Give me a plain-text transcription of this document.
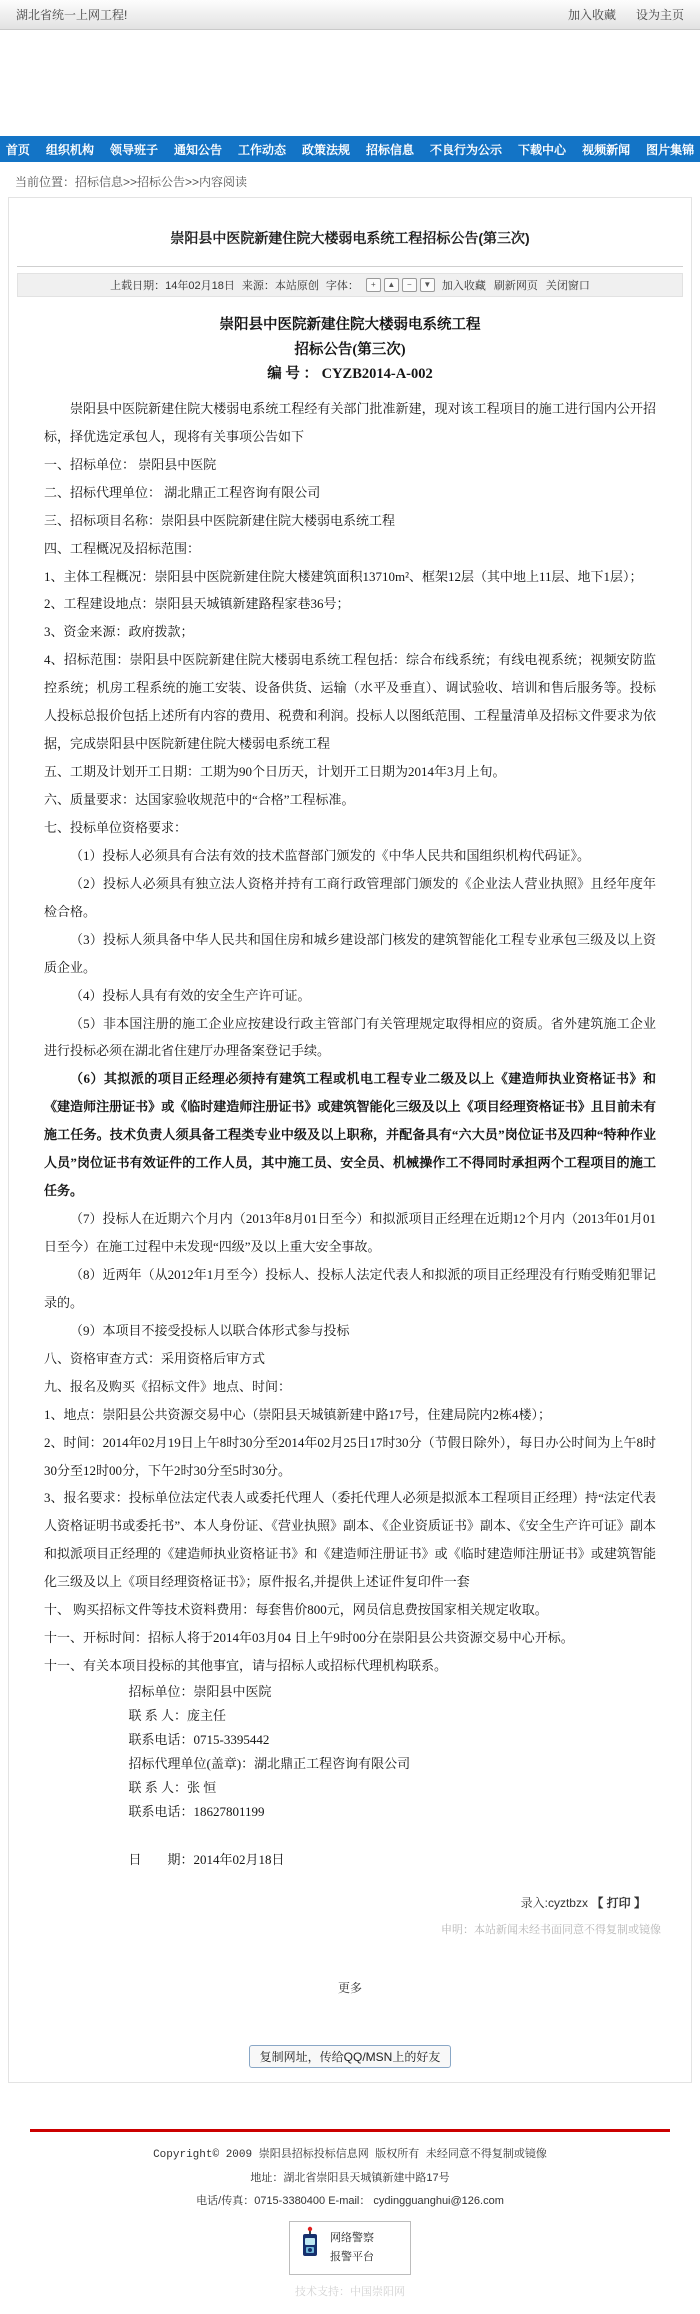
湖北省统一上网工程!	加入收藏 设为主页
首页	组织机构	领导班子	通知公告	工作动态	政策法规	招标信息	不良行为公示	下载中心	视频新闻	图片集锦
当前位置：招标信息>>招标公告>>内容阅读
崇阳县中医院新建住院大楼弱电系统工程招标公告(第三次)
上载日期：14年02月18日 来源：本站原创 字体：	+	▲	−	▼ 加入收藏 刷新网页 关闭窗口
崇阳县中医院新建住院大楼弱电系统工程
招标公告(第三次)
编 号 ： CYZB2014-A-002

崇阳县中医院新建住院大楼弱电系统工程经有关部门批准新建，现对该工程项目的施工进行国内公开招标，择优选定承包人，现将有关事项公告如下

一、招标单位： 崇阳县中医院

二、招标代理单位： 湖北鼎正工程咨询有限公司

三、招标项目名称：崇阳县中医院新建住院大楼弱电系统工程

四、工程概况及招标范围：

1、主体工程概况：崇阳县中医院新建住院大楼建筑面积13710m²、框架12层（其中地上11层、地下1层）；

2、工程建设地点：崇阳县天城镇新建路程家巷36号；

3、资金来源：政府拨款；

4、招标范围：崇阳县中医院新建住院大楼弱电系统工程包括：综合布线系统；有线电视系统；视频安防监控系统；机房工程系统的施工安装、设备供货、运输（水平及垂直）、调试验收、培训和售后服务等。投标人投标总报价包括上述所有内容的费用、税费和利润。投标人以图纸范围、工程量清单及招标文件要求为依据，完成崇阳县中医院新建住院大楼弱电系统工程

五、工期及计划开工日期：工期为90个日历天，计划开工日期为2014年3月上旬。

六、质量要求：达国家验收规范中的“合格”工程标准。

七、投标单位资格要求：

（1）投标人必须具有合法有效的技术监督部门颁发的《中华人民共和国组织机构代码证》。

（2）投标人必须具有独立法人资格并持有工商行政管理部门颁发的《企业法人营业执照》且经年度年检合格。

（3）投标人须具备中华人民共和国住房和城乡建设部门核发的建筑智能化工程专业承包三级及以上资质企业。

（4）投标人具有有效的安全生产许可证。

（5）非本国注册的施工企业应按建设行政主管部门有关管理规定取得相应的资质。省外建筑施工企业进行投标必须在湖北省住建厅办理备案登记手续。

（6）其拟派的项目正经理必须持有建筑工程或机电工程专业二级及以上《建造师执业资格证书》和《建造师注册证书》或《临时建造师注册证书》或建筑智能化三级及以上《项目经理资格证书》且目前未有施工任务。技术负责人须具备工程类专业中级及以上职称，并配备具有“六大员”岗位证书及四种“特种作业人员”岗位证书有效证件的工作人员，其中施工员、安全员、机械操作工不得同时承担两个工程项目的施工任务。

（7）投标人在近期六个月内（2013年8月01日至今）和拟派项目正经理在近期12个月内（2013年01月01日至今）在施工过程中未发现“四级”及以上重大安全事故。

（8）近两年（从2012年1月至今）投标人、投标人法定代表人和拟派的项目正经理没有行贿受贿犯罪记录的。

（9）本项目不接受投标人以联合体形式参与投标

八、资格审查方式：采用资格后审方式

九、报名及购买《招标文件》地点、时间：

1、地点：崇阳县公共资源交易中心（崇阳县天城镇新建中路17号，住建局院内2栋4楼）；

2、时间：2014年02月19日上午8时30分至2014年02月25日17时30分（节假日除外），每日办公时间为上午8时30分至12时00分，下午2时30分至5时30分。

3、报名要求：投标单位法定代表人或委托代理人（委托代理人必须是拟派本工程项目正经理）持“法定代表人资格证明书或委托书”、本人身份证、《营业执照》副本、《企业资质证书》副本、《安全生产许可证》副本和拟派项目正经理的《建造师执业资格证书》和《建造师注册证书》或《临时建造师注册证书》或建筑智能化三级及以上《项目经理资格证书》；原件报名,并提供上述证件复印件一套

十、 购买招标文件等技术资料费用：每套售价800元，网员信息费按国家相关规定收取。

十一、开标时间：招标人将于2014年03月04 日上午9时00分在崇阳县公共资源交易中心开标。

十一、有关本项目投标的其他事宜，请与招标人或招标代理机构联系。

招标单位：崇阳县中医院

联 系 人：庞主任

联系电话：0715-3395442

招标代理单位(盖章)：湖北鼎正工程咨询有限公司

联 系 人：张 恒

联系电话：18627801199

日　　期：2014年02月18日

录入:cyztbzx 【 打印 】
申明：本站新闻未经书面同意不得复制或镜像
更多
复制网址，传给QQ/MSN上的好友
Copyright© 2009 崇阳县招标投标信息网 版权所有 未经同意不得复制或镜像
地址：湖北省崇阳县天城镇新建中路17号
电话/传真：0715-3380400 E-mail： cydingguanghui@126.com
网络警察
报警平台
技术支持：中国崇阳网
